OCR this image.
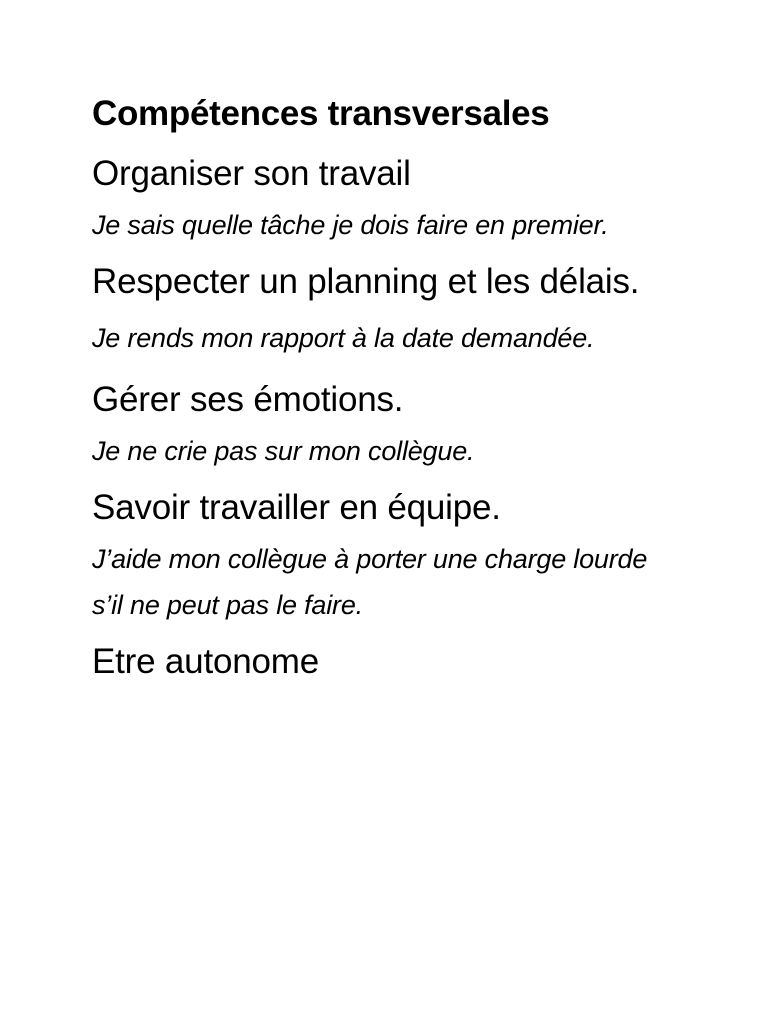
Compétences transversales

Organiser son travail

Je sais quelle tâche je dois faire en premier.

Respecter un planning et les délais.

Je rends mon rapport à la date demandée.

Gérer ses émotions.

Je ne crie pas sur mon collègue.

Savoir travailler en équipe.

J’aide mon collègue à porter une charge lourde s’il ne peut pas le faire.

Etre autonome
